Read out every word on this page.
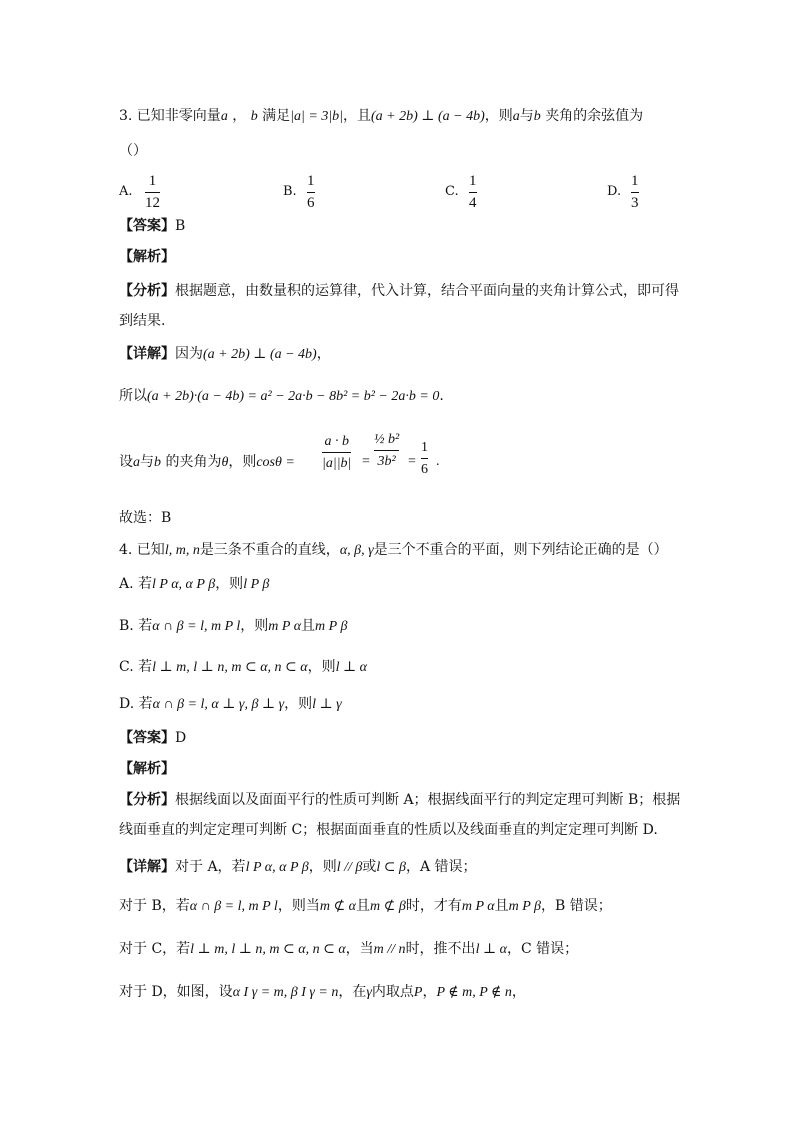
3. 已知非零向量a ， b 满足|a| = 3|b|，且(a + 2b) ⊥ (a − 4b)，则a与b 夹角的余弦值为
（）
A.
1
12
B.
1
6
C.
1
4
D.
1
3
【答案】B
【解析】
【分析】根据题意，由数量积的运算律，代入计算，结合平面向量的夹角计算公式，即可得
到结果.
【详解】因为(a + 2b) ⊥ (a − 4b)，
所以(a + 2b)·(a − 4b) = a² − 2a·b − 8b² = b² − 2a·b = 0.
设a与b 的夹角为θ，则cosθ =
a · b
|a||b| =
½ b²
3b² =
1
6
.
故选：B
4. 已知l, m, n是三条不重合的直线，α, β, γ是三个不重合的平面，则下列结论正确的是（）
A. 若l P α, α P β，则l P β
B. 若α ∩ β = l, m P l，则m P α且m P β
C. 若l ⊥ m, l ⊥ n, m ⊂ α, n ⊂ α，则l ⊥ α
D. 若α ∩ β = l, α ⊥ γ, β ⊥ γ，则l ⊥ γ
【答案】D
【解析】
【分析】根据线面以及面面平行的性质可判断 A；根据线面平行的判定定理可判断 B；根据
线面垂直的判定定理可判断 C；根据面面垂直的性质以及线面垂直的判定定理可判断 D.
【详解】对于 A，若l P α, α P β，则l // β或l ⊂ β，A 错误；
对于 B，若α ∩ β = l, m P l，则当m ⊄ α且m ⊄ β时，才有m P α且m P β，B 错误；
对于 C，若l ⊥ m, l ⊥ n, m ⊂ α, n ⊂ α，当m // n时，推不出l ⊥ α，C 错误；
对于 D，如图，设α I γ = m, β I γ = n，在γ内取点P，P ∉ m, P ∉ n，
